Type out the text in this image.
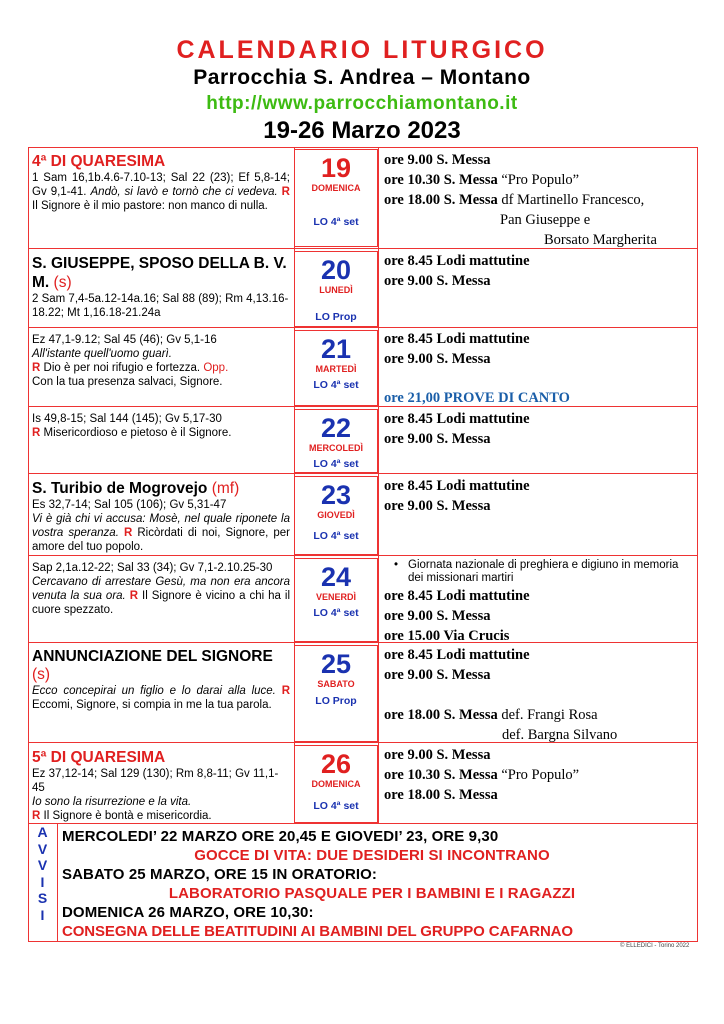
CALENDARIO LITURGICO
Parrocchia S. Andrea – Montano
http://www.parrocchiamontano.it
19-26 Marzo 2023
4ª DI QUARESIMA
1 Sam 16,1b.4.6-7.10-13; Sal 22 (23); Ef 5,8-14; Gv 9,1-41. Andò, si lavò e tornò che ci vedeva. R Il Signore è il mio pastore: non manco di nulla.
19
DOMENICA
LO 4ª set
ore 9.00 S. Messa
ore 10.30 S. Messa “Pro Populo”
ore 18.00 S. Messa df Martinello Francesco,
Pan Giuseppe e
Borsato Margherita
S. GIUSEPPE, SPOSO DELLA B. V. M. (s)
2 Sam 7,4-5a.12-14a.16; Sal 88 (89); Rm 4,13.16-18.22; Mt 1,16.18-21.24a
20
LUNEDÌ
LO Prop
ore 8.45 Lodi mattutine
ore 9.00 S. Messa
Ez 47,1-9.12; Sal 45 (46); Gv 5,1-16
All'istante quell'uomo guarì.
R Dio è per noi rifugio e fortezza. Opp.
Con la tua presenza salvaci, Signore.
21
MARTEDÌ
LO 4ª set
ore 8.45 Lodi mattutine
ore 9.00 S. Messa
ore 21,00 PROVE DI CANTO
Is 49,8-15; Sal 144 (145); Gv 5,17-30
R Misericordioso e pietoso è il Signore.	22
MERCOLEDÌ
LO 4ª set
ore 8.45 Lodi mattutine
ore 9.00 S. Messa
S. Turibio de Mogrovejo (mf)
Es 32,7-14; Sal 105 (106); Gv 5,31-47
Vi è già chi vi accusa: Mosè, nel quale riponete la vostra speranza. R Ricòrdati di noi, Signore, per amore del tuo popolo.
23
GIOVEDÌ
LO 4ª set
ore 8.45 Lodi mattutine
ore 9.00 S. Messa
Sap 2,1a.12-22; Sal 33 (34); Gv 7,1-2.10.25-30
Cercavano di arrestare Gesù, ma non era ancora venuta la sua ora. R Il Signore è vicino a chi ha il cuore spezzato.
24
VENERDÌ
LO 4ª set
• Giornata nazionale di preghiera e digiuno in memoria dei missionari martiri
ore 8.45 Lodi mattutine
ore 9.00 S. Messa
ore 15.00 Via Crucis
ANNUNCIAZIONE DEL SIGNORE (s)
Ecco concepirai un figlio e lo darai alla luce. R Eccomi, Signore, si compia in me la tua parola.
25
SABATO
LO Prop
ore 8.45 Lodi mattutine
ore 9.00 S. Messa
ore 18.00 S. Messa def. Frangi Rosa
def. Bargna Silvano
5ª DI QUARESIMA
Ez 37,12-14; Sal 129 (130); Rm 8,8-11; Gv 11,1-45
Io sono la risurrezione e la vita.
R Il Signore è bontà e misericordia.
26
DOMENICA
LO 4ª set
ore 9.00 S. Messa
ore 10.30 S. Messa “Pro Populo”
ore 18.00 S. Messa
A
V
V
I
S
I
MERCOLEDI’ 22 MARZO ORE 20,45 E GIOVEDI’ 23, ORE 9,30
GOCCE DI VITA: DUE DESIDERI SI INCONTRANO
SABATO 25 MARZO, ORE 15 IN ORATORIO:
LABORATORIO PASQUALE PER I BAMBINI E I RAGAZZI
DOMENICA 26 MARZO, ORE 10,30:
CONSEGNA DELLE BEATITUDINI AI BAMBINI DEL GRUPPO CAFARNAO
© ELLEDICI - Torino 2022
